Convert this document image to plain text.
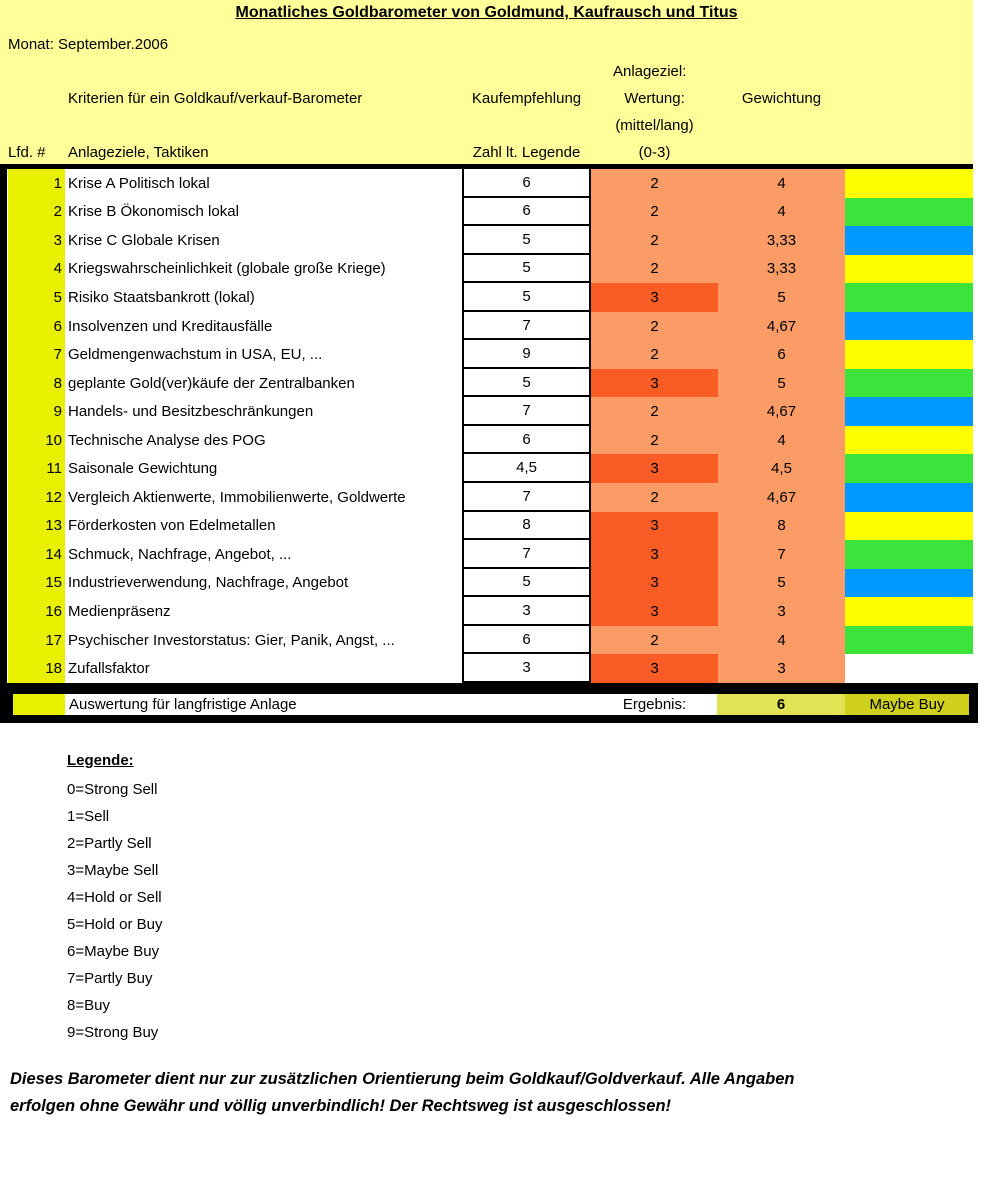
Monatliches Goldbarometer von Goldmund, Kaufrausch und Titus
Monat: September.2006
Anlageziel:
Kriterien für ein Goldkauf/verkauf-Barometer	Kaufempfehlung	Wertung:	Gewichtung
(mittel/lang)
Lfd. # Anlageziele, Taktiken	Zahl lt. Legende	(0-3)
1 Krise A Politisch lokal	6	2	4
2 Krise B Ökonomisch lokal	6	2	4
3 Krise C Globale Krisen	5	2	3,33
4 Kriegswahrscheinlichkeit (globale große Kriege)	5	2	3,33
5 Risiko Staatsbankrott (lokal)	5	3	5
6 Insolvenzen und Kreditausfälle	7	2	4,67
7 Geldmengenwachstum in USA, EU, ...	9	2	6
8 geplante Gold(ver)käufe der Zentralbanken	5	3	5
9 Handels- und Besitzbeschränkungen	7	2	4,67
10 Technische Analyse des POG	6	2	4
11 Saisonale Gewichtung	4,5	3	4,5
12 Vergleich Aktienwerte, Immobilienwerte, Goldwerte	7	2	4,67
13 Förderkosten von Edelmetallen	8	3	8
14 Schmuck, Nachfrage, Angebot, ...	7	3	7
15 Industrieverwendung, Nachfrage, Angebot	5	3	5
16 Medienpräsenz	3	3	3
17 Psychischer Investorstatus: Gier, Panik, Angst, ...	6	2	4
18 Zufallsfaktor	3	3	3
Auswertung für langfristige Anlage	Ergebnis:	6	Maybe Buy
Legende:
0=Strong Sell
1=Sell
2=Partly Sell
3=Maybe Sell
4=Hold or Sell
5=Hold or Buy
6=Maybe Buy
7=Partly Buy
8=Buy
9=Strong Buy
Dieses Barometer dient nur zur zusätzlichen Orientierung beim Goldkauf/Goldverkauf. Alle Angaben
erfolgen ohne Gewähr und völlig unverbindlich! Der Rechtsweg ist ausgeschlossen!
